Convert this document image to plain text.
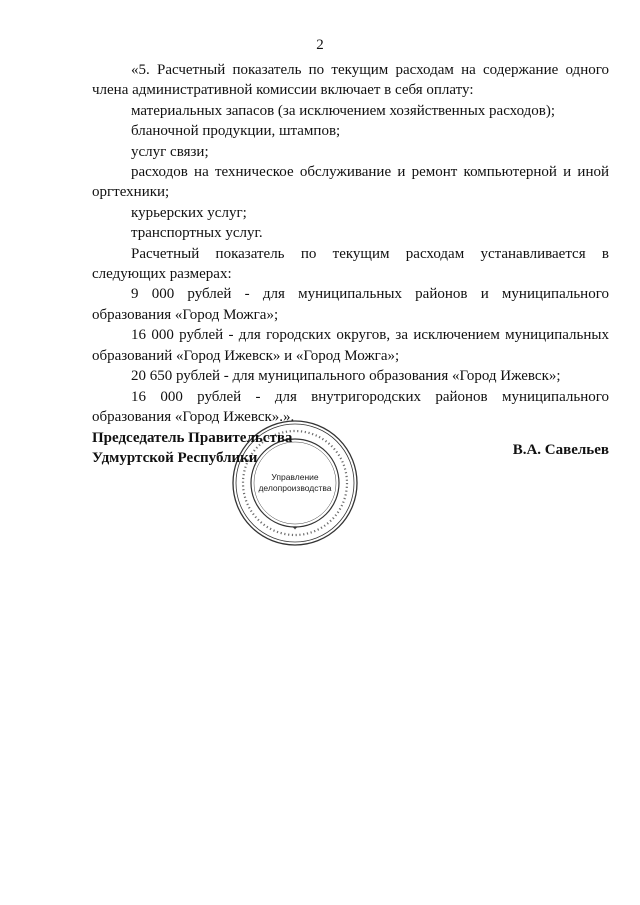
2

«5. Расчетный показатель по текущим расходам на содержание одного члена административной комиссии включает в себя оплату:

материальных запасов (за исключением хозяйственных расходов);

бланочной продукции, штампов;

услуг связи;

расходов на техническое обслуживание и ремонт компьютерной и иной оргтехники;

курьерских услуг;

транспортных услуг.

Расчетный показатель по текущим расходам устанавливается в следующих размерах:

9 000 рублей - для муниципальных районов и муниципального образования «Город Можга»;

16 000 рублей - для городских округов, за исключением муниципальных образований «Город Ижевск» и «Город Можга»;

20 650 рублей - для муниципального образования «Город Ижевск»;

16 000 рублей - для внутригородских районов муниципального образования «Город Ижевск».».

Управление
делопроизводства
✦
Председатель Правительства
Удмуртской Республики	В.А. Савельев
